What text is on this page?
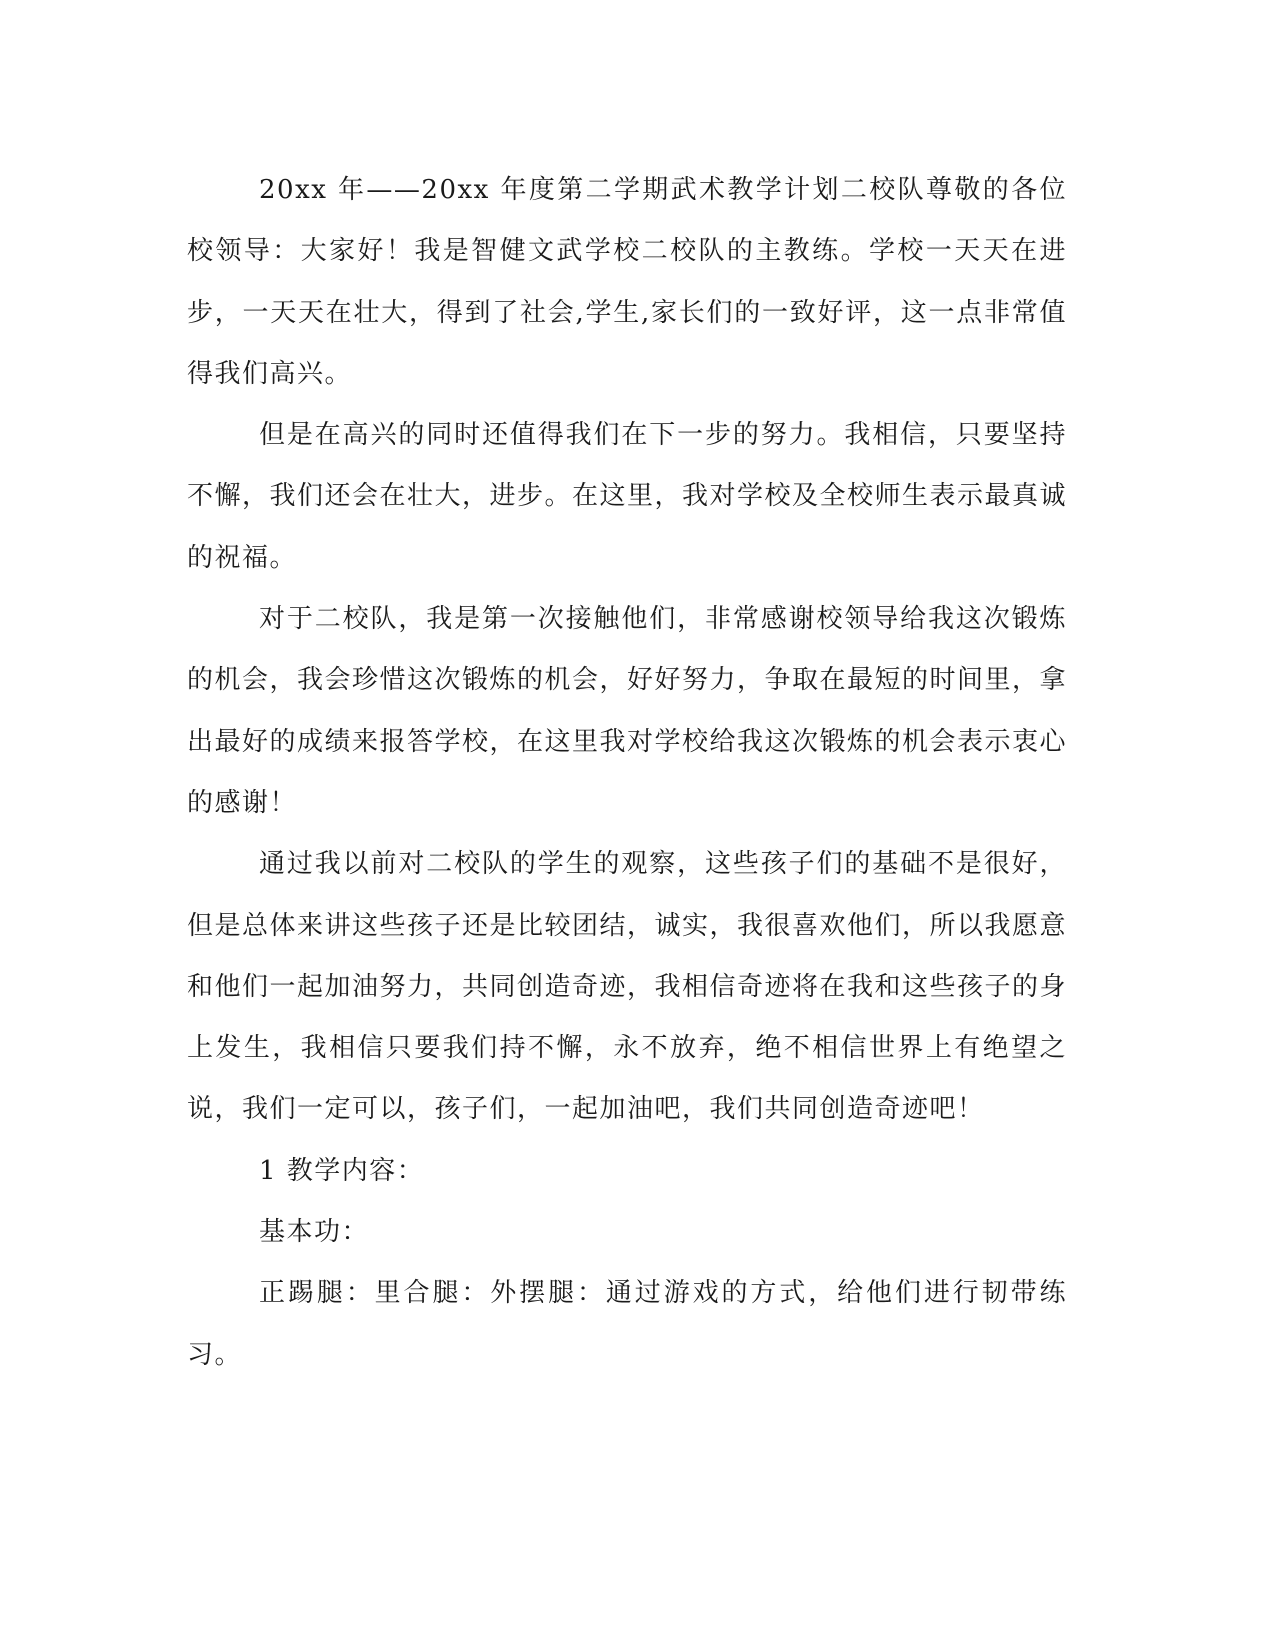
20xx 年——20xx 年度第二学期武术教学计划二校队尊敬的各位校领导：大家好！我是智健文武学校二校队的主教练。学校一天天在进步，一天天在壮大，得到了社会,学生,家长们的一致好评，这一点非常值得我们高兴。

但是在高兴的同时还值得我们在下一步的努力。我相信，只要坚持不懈，我们还会在壮大，进步。在这里，我对学校及全校师生表示最真诚的祝福。

对于二校队，我是第一次接触他们，非常感谢校领导给我这次锻炼的机会，我会珍惜这次锻炼的机会，好好努力，争取在最短的时间里，拿出最好的成绩来报答学校，在这里我对学校给我这次锻炼的机会表示衷心的感谢！

通过我以前对二校队的学生的观察，这些孩子们的基础不是很好，但是总体来讲这些孩子还是比较团结，诚实，我很喜欢他们，所以我愿意和他们一起加油努力，共同创造奇迹，我相信奇迹将在我和这些孩子的身上发生，我相信只要我们持不懈，永不放弃，绝不相信世界上有绝望之说，我们一定可以，孩子们，一起加油吧，我们共同创造奇迹吧！

1 教学内容：

基本功：

正踢腿：里合腿：外摆腿：通过游戏的方式，给他们进行韧带练习。
